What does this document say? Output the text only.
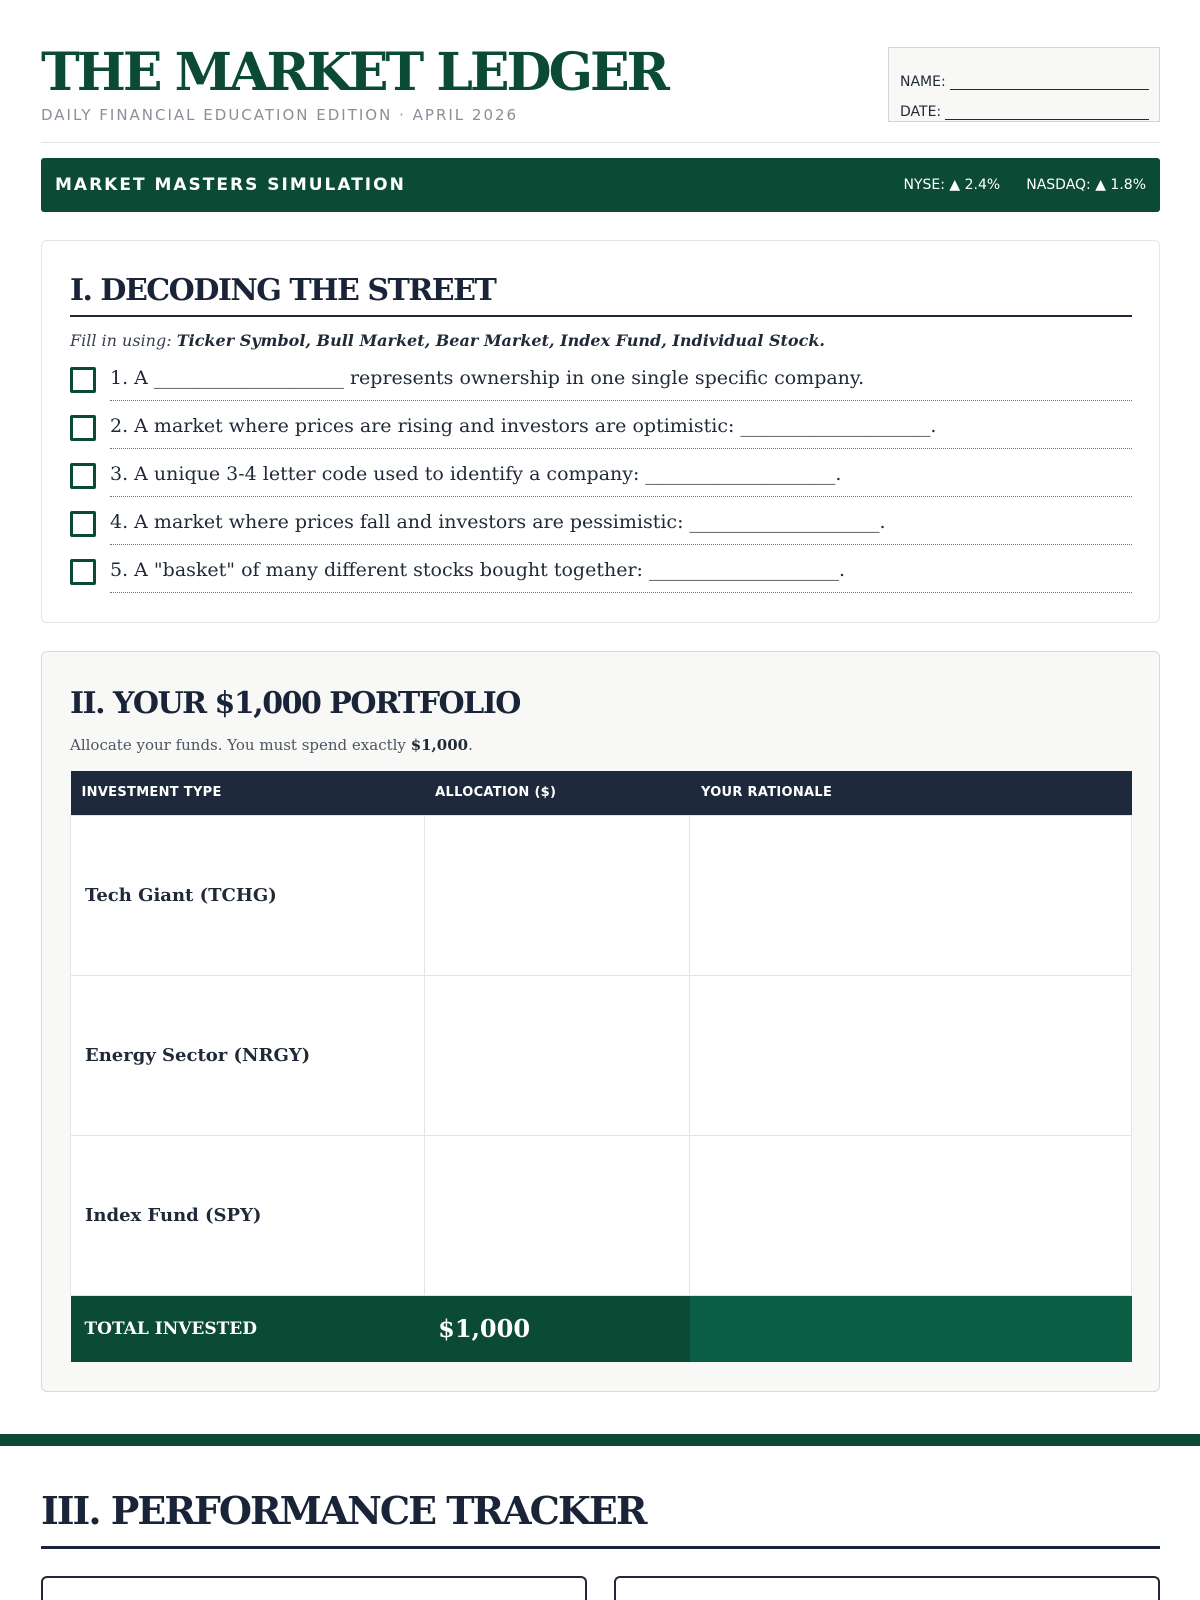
THE MARKET LEDGER
DAILY FINANCIAL EDUCATION EDITION · APRIL 2026
NAME:
DATE:
MARKET MASTERS SIMULATION	NYSE: ▲ 2.4% NASDAQ: ▲ 1.8%
I. DECODING THE STREET
Fill in using: Ticker Symbol, Bull Market, Bear Market, Index Fund, Individual Stock.
1. A ____________________ represents ownership in one single specific company.
2. A market where prices are rising and investors are optimistic: ____________________.
3. A unique 3-4 letter code used to identify a company: ____________________.
4. A market where prices fall and investors are pessimistic: ____________________.
5. A "basket" of many different stocks bought together: ____________________.
II. YOUR $1,000 PORTFOLIO
Allocate your funds. You must spend exactly $1,000.
INVESTMENT TYPE	ALLOCATION ($)	YOUR RATIONALE
Tech Giant (TCHG)		
Energy Sector (NRGY)		
Index Fund (SPY)		
TOTAL INVESTED	$1,000	
III. PERFORMANCE TRACKER
